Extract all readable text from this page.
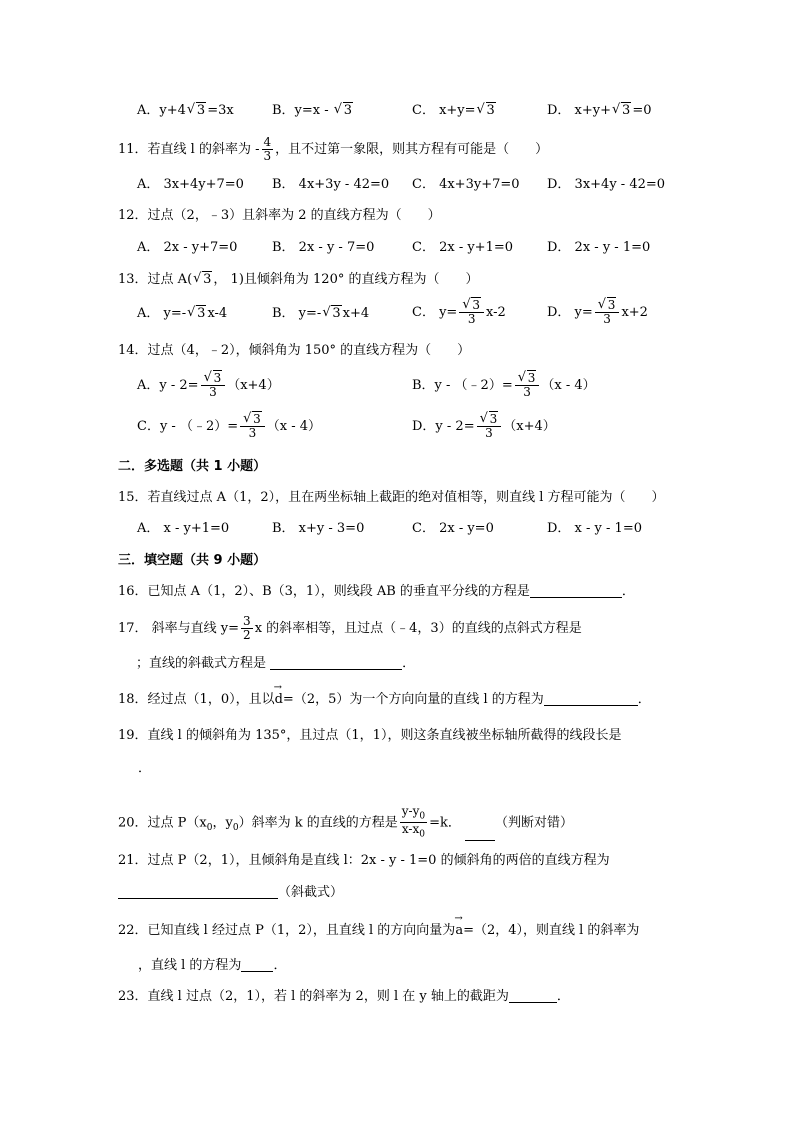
A．y+4 √ 3 =3x	B．y=x - √ 3	C． x+y= √ 3	D． x+y+ √ 3 =0
11．若直线 l 的斜率为 - $\frac{4}{3}$ ，且不过第一象限，则其方程有可能是（　　）
A． 3x+4y+7=0 B． 4x+3y - 42=0 C． 4x+3y+7=0 D． 3x+4y - 42=0
12．过点（2，﹣3）且斜率为 2 的直线方程为（　　）
A． 2x - y+7=0	B． 2x - y - 7=0	C． 2x - y+1=0	D． 2x - y - 1=0
13．过点 A( √ 3 ， 1)且倾斜角为 120° 的直线方程为（　　）
A． y=- √ 3 x-4	B． y=- √ 3 x+4	C． y= √ $\frac{3}{3} x-2$	D． y= √ $\frac{3}{3} x+2$
14．过点（4，﹣2），倾斜角为 150° 的直线方程为（　　）
A．y - 2= √ $\frac{3}{3} (x+4)$	B．y - （﹣2）= √ $\frac{3}{3} (x - 4)$
C．y - （﹣2）= √ $\frac{3}{3} (x - 4)$	D．y - 2= √ $\frac{3}{3} (x+4)$
二．多选题（共 1 小题）
15．若直线过点 A（1，2），且在两坐标轴上截距的绝对值相等，则直线 l 方程可能为（　　）
A． x - y+1=0	B． x+y - 3=0	C． 2x - y=0	D． x - y - 1=0
三．填空题（共 9 小题）
16．已知点 A（1，2）、B（3，1），则线段 AB 的垂直平分线的方程是	．
17． 斜率与直线 $y= \frac{3}{2}$ x 的斜率相等，且过点（﹣4，3）的直线的点斜式方程是
；直线的斜截式方程是	．
18．经过点（1，0），且以→ d=（2，5）为一个方向向量的直线 l 的方程为	．
19．直线 l 的倾斜角为 135°，且过点（1，1），则这条直线被坐标轴所截得的线段长是
．
20．过点 $P(x_0$，$y_0$）斜率为 k 的直线的方程是 $\frac{y-y_0}{x-x_0} =k$．	（判断对错）
21．过点 P（2，1），且倾斜角是直线 l：2x - y - 1=0 的倾斜角的两倍的直线方程为
（斜截式）
22．已知直线 l 经过点 P（1，2），且直线 l 的方向向量为→ a=（2，4），则直线 l 的斜率为
，直线 l 的方程为 ．
23．直线 l 过点（2，1），若 l 的斜率为 2，则 l 在 y 轴上的截距为	．
